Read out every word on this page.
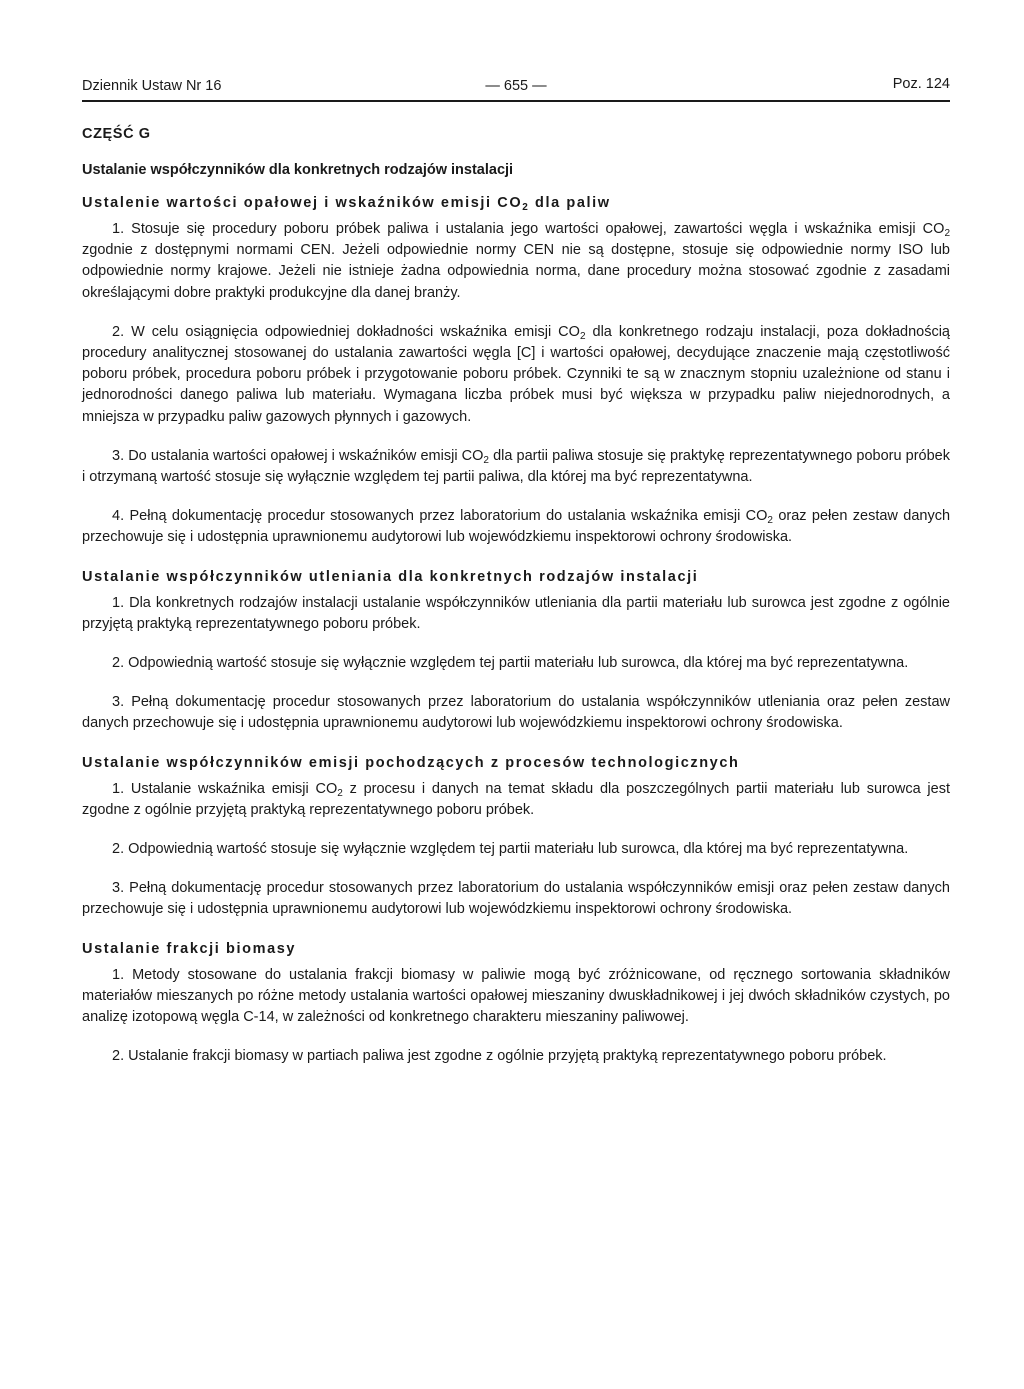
Dziennik Ustaw Nr 16	— 655 —	Poz. 124
CZĘŚĆ G
Ustalanie współczynników dla konkretnych rodzajów instalacji
Ustalenie wartości opałowej i wskaźników emisji $CO_2$ dla paliw

1. Stosuje się procedury poboru próbek paliwa i ustalania jego wartości opałowej, zawartości węgla i wskaźnika emisji $CO_2$ zgodnie z dostępnymi normami CEN. Jeżeli odpowiednie normy CEN nie są dostępne, stosuje się odpowiednie normy ISO lub odpowiednie normy krajowe. Jeżeli nie istnieje żadna odpowiednia norma, dane procedury można stosować zgodnie z zasadami określającymi dobre praktyki produkcyjne dla danej branży.

2. W celu osiągnięcia odpowiedniej dokładności wskaźnika emisji $CO_2$ dla konkretnego rodzaju instalacji, poza dokładnością procedury analitycznej stosowanej do ustalania zawartości węgla [C] i wartości opałowej, decydujące znaczenie mają częstotliwość poboru próbek, procedura poboru próbek i przygotowanie poboru próbek. Czynniki te są w znacznym stopniu uzależnione od stanu i jednorodności danego paliwa lub materiału. Wymagana liczba próbek musi być większa w przypadku paliw niejednorodnych, a mniejsza w przypadku paliw gazowych płynnych i gazowych.

3. Do ustalania wartości opałowej i wskaźników emisji $CO_2$ dla partii paliwa stosuje się praktykę reprezentatywnego poboru próbek i otrzymaną wartość stosuje się wyłącznie względem tej partii paliwa, dla której ma być reprezentatywna.

4. Pełną dokumentację procedur stosowanych przez laboratorium do ustalania wskaźnika emisji $CO_2$ oraz pełen zestaw danych przechowuje się i udostępnia uprawnionemu audytorowi lub wojewódzkiemu inspektorowi ochrony środowiska.

Ustalanie współczynników utleniania dla konkretnych rodzajów instalacji

1. Dla konkretnych rodzajów instalacji ustalanie współczynników utleniania dla partii materiału lub surowca jest zgodne z ogólnie przyjętą praktyką reprezentatywnego poboru próbek.

2. Odpowiednią wartość stosuje się wyłącznie względem tej partii materiału lub surowca, dla której ma być reprezentatywna.

3. Pełną dokumentację procedur stosowanych przez laboratorium do ustalania współczynników utleniania oraz pełen zestaw danych przechowuje się i udostępnia uprawnionemu audytorowi lub wojewódzkiemu inspektorowi ochrony środowiska.

Ustalanie współczynników emisji pochodzących z procesów technologicznych

1. Ustalanie wskaźnika emisji $CO_2$ z procesu i danych na temat składu dla poszczególnych partii materiału lub surowca jest zgodne z ogólnie przyjętą praktyką reprezentatywnego poboru próbek.

2. Odpowiednią wartość stosuje się wyłącznie względem tej partii materiału lub surowca, dla której ma być reprezentatywna.

3. Pełną dokumentację procedur stosowanych przez laboratorium do ustalania współczynników emisji oraz pełen zestaw danych przechowuje się i udostępnia uprawnionemu audytorowi lub wojewódzkiemu inspektorowi ochrony środowiska.

Ustalanie frakcji biomasy

1. Metody stosowane do ustalania frakcji biomasy w paliwie mogą być zróżnicowane, od ręcznego sortowania składników materiałów mieszanych po różne metody ustalania wartości opałowej mieszaniny dwuskładnikowej i jej dwóch składników czystych, po analizę izotopową węgla C-14, w zależności od konkretnego charakteru mieszaniny paliwowej.

2. Ustalanie frakcji biomasy w partiach paliwa jest zgodne z ogólnie przyjętą praktyką reprezentatywnego poboru próbek.
